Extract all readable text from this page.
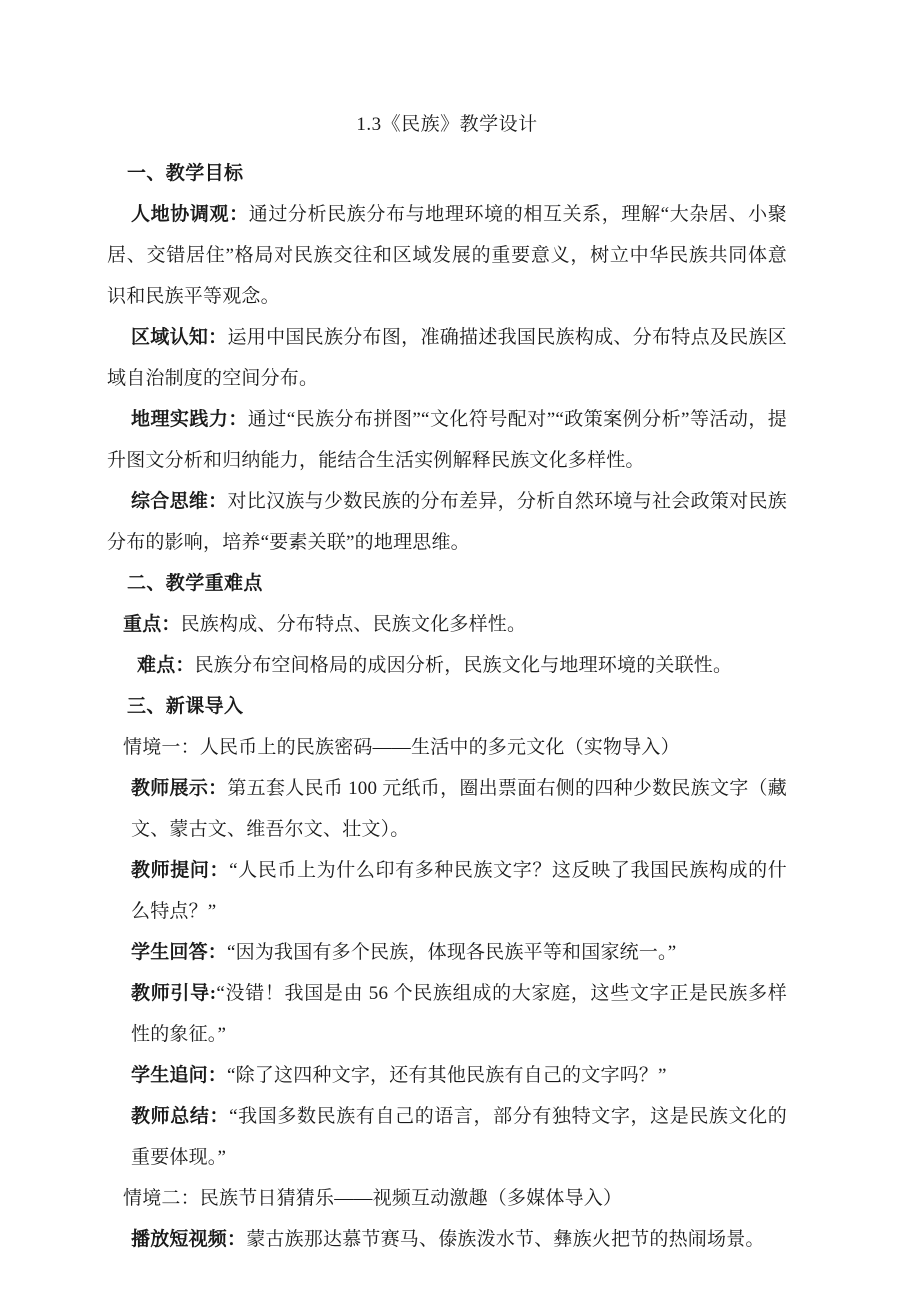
1.3《民族》教学设计
一、教学目标

人地协调观：通过分析民族分布与地理环境的相互关系，理解“大杂居、小聚居、交错居住”格局对民族交往和区域发展的重要意义，树立中华民族共同体意识和民族平等观念。

区域认知：运用中国民族分布图，准确描述我国民族构成、分布特点及民族区域自治制度的空间分布。

地理实践力：通过“民族分布拼图”“文化符号配对”“政策案例分析”等活动，提升图文分析和归纳能力，能结合生活实例解释民族文化多样性。

综合思维：对比汉族与少数民族的分布差异，分析自然环境与社会政策对民族分布的影响，培养“要素关联”的地理思维。

二、教学重难点

重点：民族构成、分布特点、民族文化多样性。

难点：民族分布空间格局的成因分析，民族文化与地理环境的关联性。

三、新课导入

情境一：人民币上的民族密码——生活中的多元文化（实物导入）

教师展示：第五套人民币 100 元纸币，圈出票面右侧的四种少数民族文字（藏文、蒙古文、维吾尔文、壮文）。

教师提问：“人民币上为什么印有多种民族文字？这反映了我国民族构成的什么特点？”

学生回答：“因为我国有多个民族，体现各民族平等和国家统一。”

教师引导:“没错！我国是由 56 个民族组成的大家庭，这些文字正是民族多样性的象征。”

学生追问：“除了这四种文字，还有其他民族有自己的文字吗？”

教师总结：“我国多数民族有自己的语言，部分有独特文字，这是民族文化的重要体现。”

情境二：民族节日猜猜乐——视频互动激趣（多媒体导入）

播放短视频：蒙古族那达慕节赛马、傣族泼水节、彝族火把节的热闹场景。
